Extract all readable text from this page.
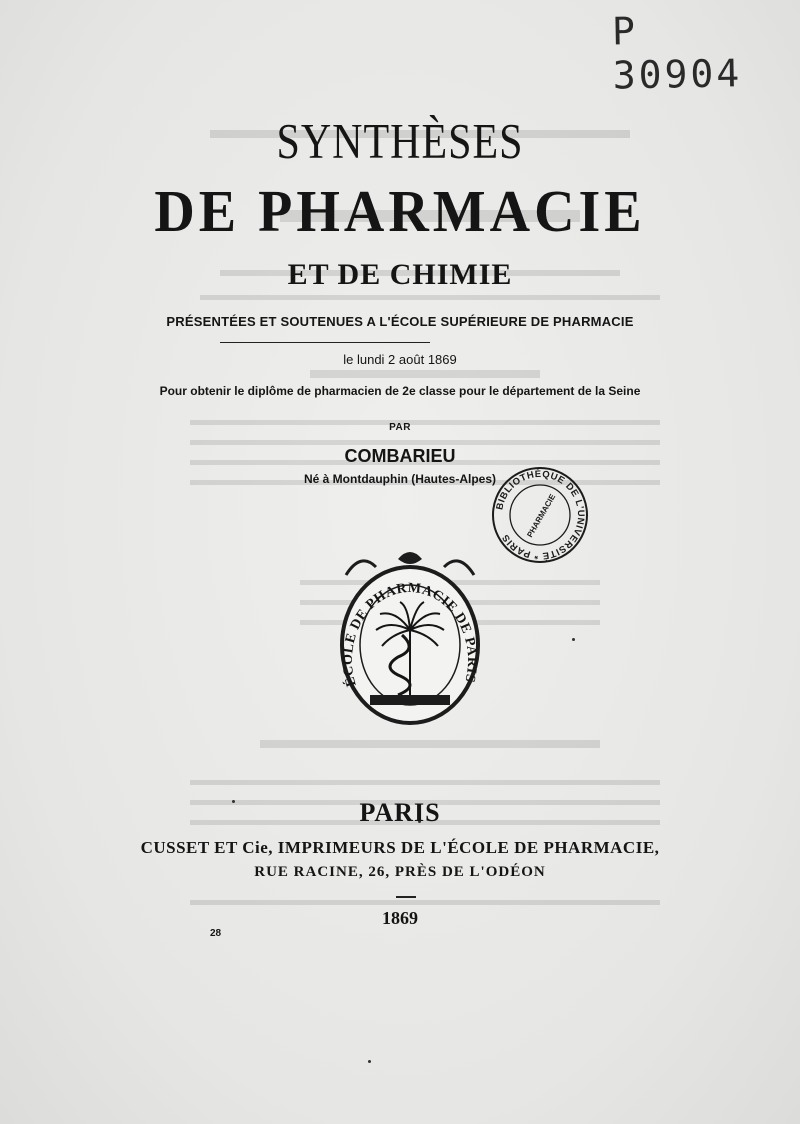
P 30904
SYNTHÈSES
DE PHARMACIE
ET DE CHIMIE
PRÉSENTÉES ET SOUTENUES A L'ÉCOLE SUPÉRIEURE DE PHARMACIE
le lundi 2 août 1869
Pour obtenir le diplôme de pharmacien de 2e classe pour le département de la Seine
PAR
COMBARIEU
Né à Montdauphin (Hautes-Alpes)
BIBLIOTHÈQUE DE L'UNIVERSITÉ * PARIS	PHARMACIE
ÉCOLE DE PHARMACIE DE PARIS
PARIS
CUSSET ET Cie, IMPRIMEURS DE L'ÉCOLE DE PHARMACIE,
RUE RACINE, 26, PRÈS DE L'ODÉON
1869
28
